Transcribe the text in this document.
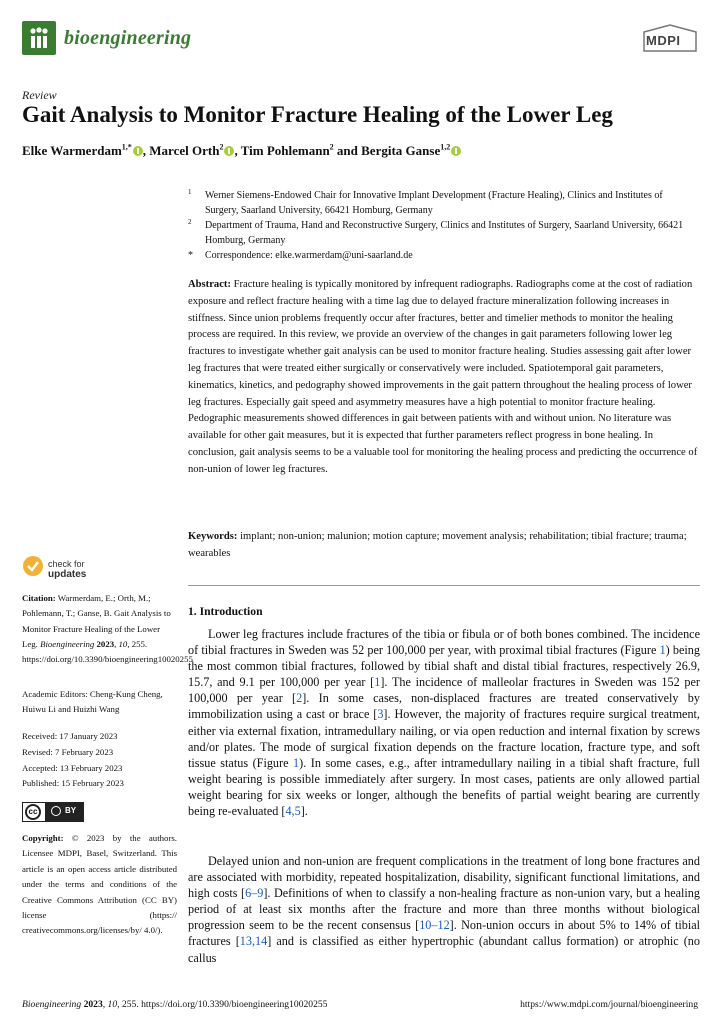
bioengineering	MDPI
Review
Gait Analysis to Monitor Fracture Healing of the Lower Leg
Elke Warmerdam$^{1,*}$ , Marcel Orth$^2$ , Tim Pohlemann$^2$ and Bergita Ganse$^{1,2}$
1 Werner Siemens-Endowed Chair for Innovative Implant Development (Fracture Healing), Clinics and Institutes of Surgery, Saarland University, 66421 Homburg, Germany
2 Department of Trauma, Hand and Reconstructive Surgery, Clinics and Institutes of Surgery, Saarland University, 66421 Homburg, Germany
* Correspondence: elke.warmerdam@uni-saarland.de
Abstract: Fracture healing is typically monitored by infrequent radiographs. Radiographs come at the cost of radiation exposure and reflect fracture healing with a time lag due to delayed fracture mineralization following increases in stiffness. Since union problems frequently occur after fractures, better and timelier methods to monitor the healing process are required. In this review, we provide an overview of the changes in gait parameters following lower leg fractures to investigate whether gait analysis can be used to monitor fracture healing. Studies assessing gait after lower leg fractures that were treated either surgically or conservatively were included. Spatiotemporal gait parameters, kinematics, kinetics, and pedography showed improvements in the gait pattern throughout the healing process of lower leg fractures. Especially gait speed and asymmetry measures have a high potential to monitor fracture healing. Pedographic measurements showed differences in gait between patients with and without union. No literature was available for other gait measures, but it is expected that further parameters reflect progress in bone healing. In conclusion, gait analysis seems to be a valuable tool for monitoring the healing process and predicting the occurrence of non-union of lower leg fractures.
Keywords: implant; non-union; malunion; motion capture; movement analysis; rehabilitation; tibial fracture; trauma; wearables
check for
updates
Citation: Warmerdam, E.; Orth, M.; Pohlemann, T.; Ganse, B. Gait Analysis to Monitor Fracture Healing of the Lower Leg. Bioengineering 2023, 10, 255. https://doi.org/10.3390/bioengineering10020255
Academic Editors: Cheng-Kung Cheng, Huiwu Li and Huizhi Wang
Received: 17 January 2023
Revised: 7 February 2023
Accepted: 13 February 2023
Published: 15 February 2023
cc	BY
Copyright: © 2023 by the authors. Licensee MDPI, Basel, Switzerland. This article is an open access article distributed under the terms and conditions of the Creative Commons Attribution (CC BY) license (https:// creativecommons.org/licenses/by/ 4.0/).
1. Introduction
Lower leg fractures include fractures of the tibia or fibula or of both bones combined. The incidence of tibial fractures in Sweden was 52 per 100,000 per year, with proximal tibial fractures (Figure 1) being the most common tibial fractures, followed by tibial shaft and distal tibial fractures, respectively 26.9, 15.7, and 9.1 per 100,000 per year [1]. The incidence of malleolar fractures in Sweden was 152 per 100,000 per year [2]. In some cases, non-displaced fractures are treated conservatively by immobilization using a cast or brace [3]. However, the majority of fractures require surgical treatment, either via external fixation, intramedullary nailing, or via open reduction and internal fixation by screws and/or plates. The mode of surgical fixation depends on the fracture location, fracture type, and soft tissue status (Figure 1). In some cases, e.g., after intramedullary nailing in a tibial shaft fracture, full weight bearing is possible immediately after surgery. In most cases, patients are only allowed partial weight bearing for six weeks or longer, although the benefits of partial weight bearing are currently being re-evaluated [4,5].
Delayed union and non-union are frequent complications in the treatment of long bone fractures and are associated with morbidity, repeated hospitalization, disability, significant functional limitations, and high costs [6–9]. Definitions of when to classify a non-healing fracture as non-union vary, but a healing period of at least six months after the fracture and more than three months without biological progression seem to be the recent consensus [10–12]. Non-union occurs in about 5% to 14% of tibial fractures [13,14] and is classified as either hypertrophic (abundant callus formation) or atrophic (no callus
Bioengineering 2023, 10, 255. https://doi.org/10.3390/bioengineering10020255	https://www.mdpi.com/journal/bioengineering
